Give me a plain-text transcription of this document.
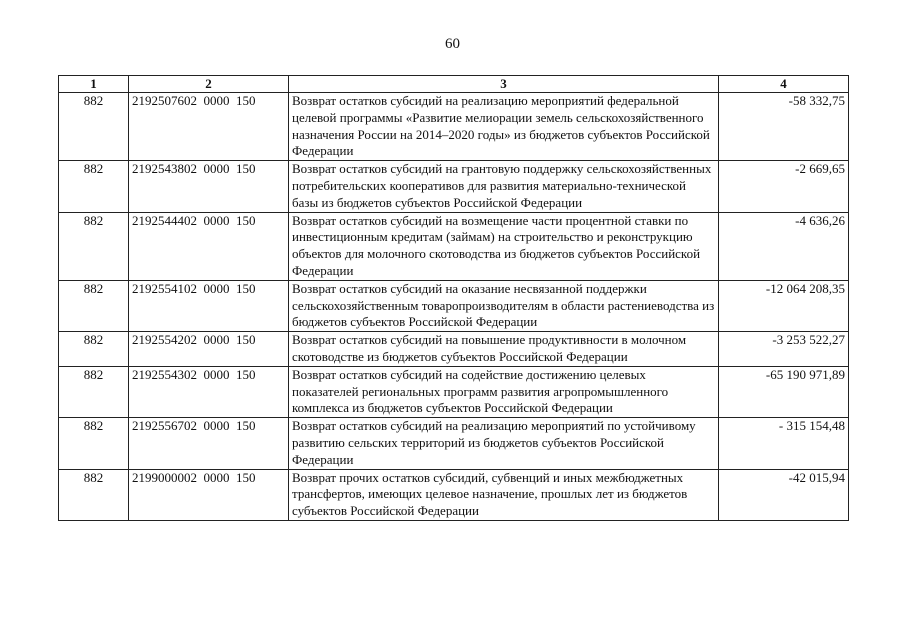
60
1	2	3	4
882	2192507602  0000  150	Возврат остатков субсидий на реализацию мероприятий федеральной целевой программы «Развитие мелиорации земель сельскохозяйственного назначения России на 2014–2020 годы» из бюджетов субъектов Российской Федерации	-58 332,75
882	2192543802  0000  150	Возврат остатков субсидий на грантовую поддержку сельскохозяйственных потребительских кооперативов для развития материально-технической базы из бюджетов субъектов Российской Федерации	-2 669,65
882	2192544402  0000  150	Возврат остатков субсидий на возмещение части процентной ставки по инвестиционным кредитам (займам) на строительство и реконструкцию объектов для молочного скотоводства из бюджетов субъектов Российской Федерации	-4 636,26
882	2192554102  0000  150	Возврат остатков субсидий на оказание несвязанной поддержки сельскохозяйственным товаропроизводителям в области растениеводства из бюджетов субъектов Российской Федерации	-12 064 208,35
882	2192554202  0000  150	Возврат остатков субсидий на повышение продуктивности в молочном скотоводстве из бюджетов субъектов Российской Федерации	-3 253 522,27
882	2192554302  0000  150	Возврат остатков субсидий на содействие достижению целевых показателей региональных программ развития агропромышленного комплекса из бюджетов субъектов Российской Федерации	-65 190 971,89
882	2192556702  0000  150	Возврат остатков субсидий на реализацию мероприятий по устойчивому развитию сельских территорий из бюджетов субъектов Российской Федерации	- 315 154,48
882	2199000002  0000  150	Возврат прочих остатков субсидий, субвенций и иных межбюджетных трансфертов, имеющих целевое назначение, прошлых лет из бюджетов субъектов Российской Федерации	-42 015,94
